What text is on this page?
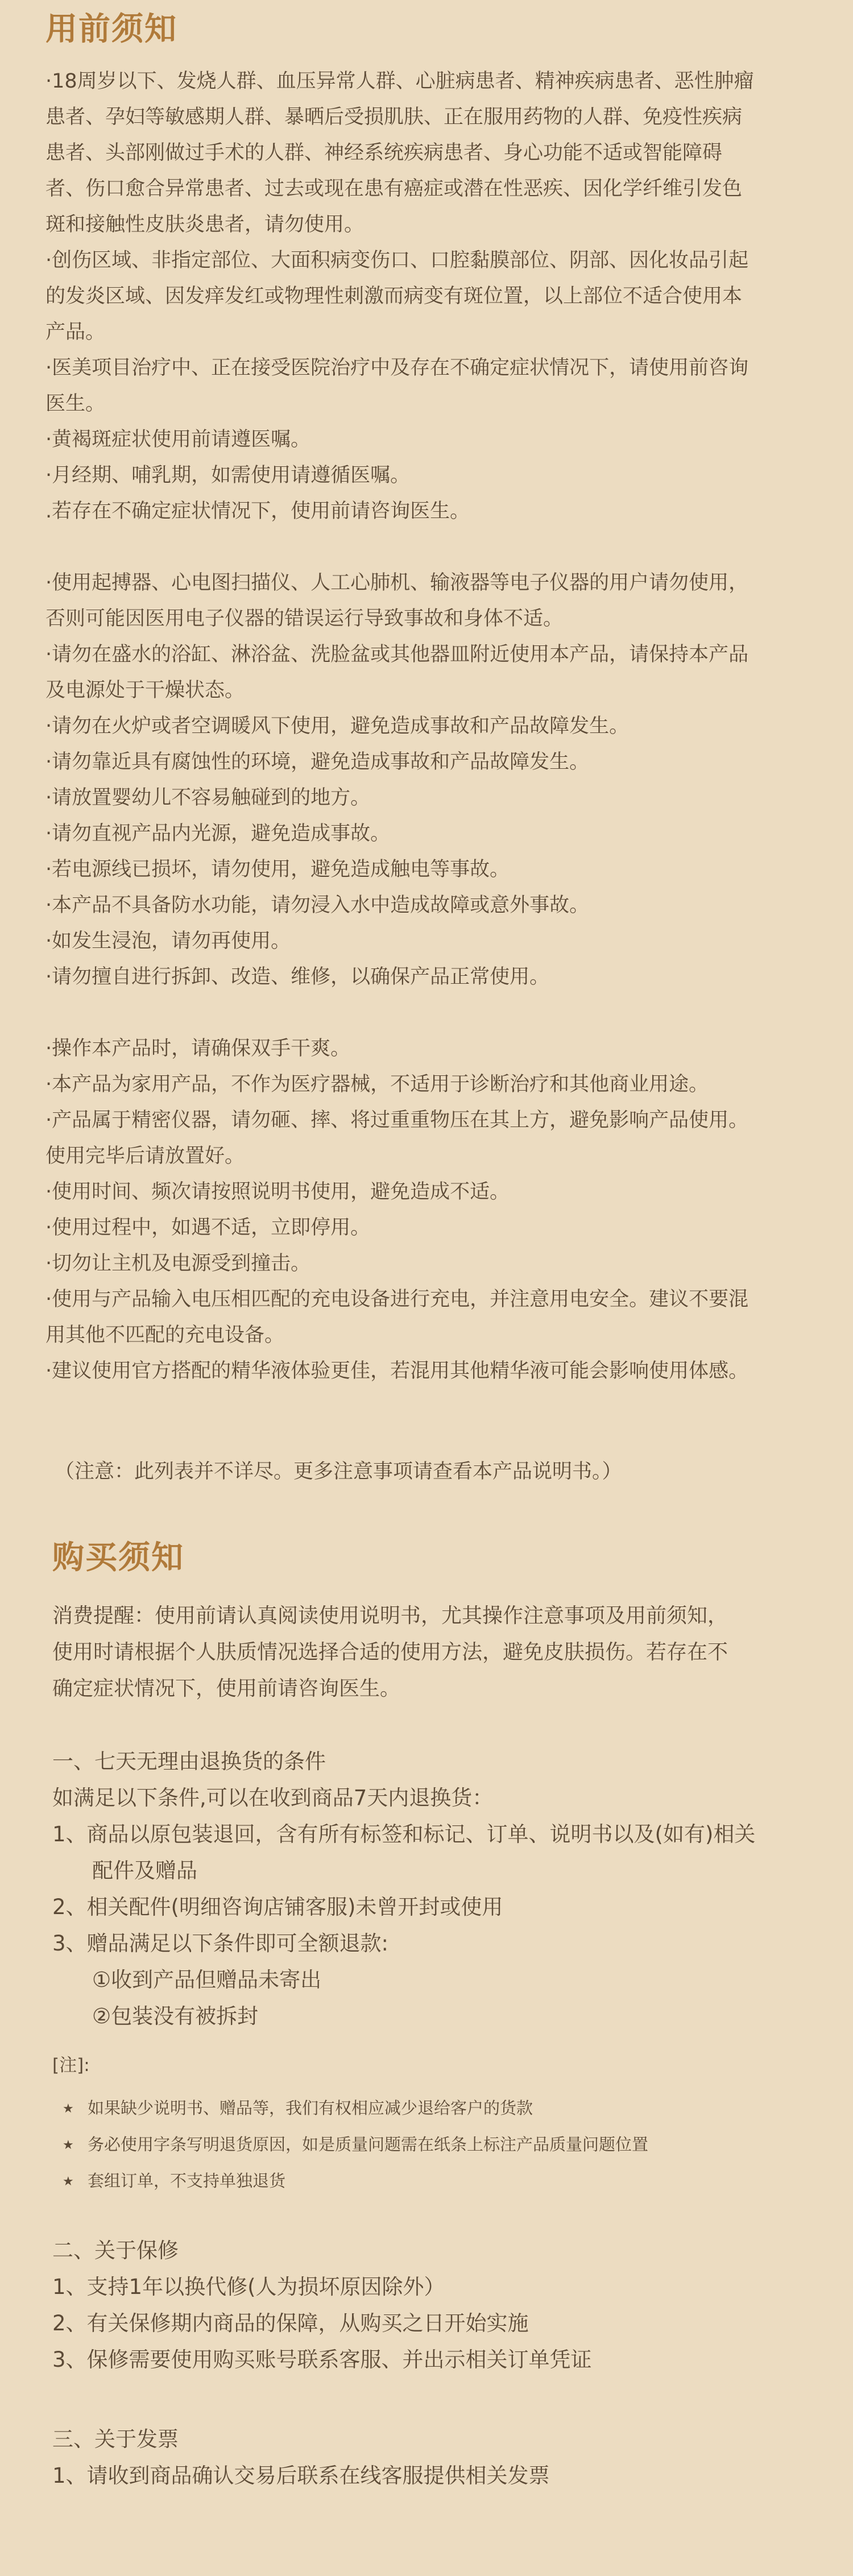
用前须知
·18周岁以下、发烧人群、血压异常人群、心脏病患者、精神疾病患者、恶性肿瘤
患者、孕妇等敏感期人群、暴晒后受损肌肤、正在服用药物的人群、免疫性疾病
患者、头部刚做过手术的人群、神经系统疾病患者、身心功能不适或智能障碍
者、伤口愈合异常患者、过去或现在患有癌症或潜在性恶疾、因化学纤维引发色
斑和接触性皮肤炎患者，请勿使用。
·创伤区域、非指定部位、大面积病变伤口、口腔黏膜部位、阴部、因化妆品引起
的发炎区域、因发痒发红或物理性刺激而病变有斑位置，以上部位不适合使用本
产品。
·医美项目治疗中、正在接受医院治疗中及存在不确定症状情况下，请使用前咨询
医生。
·黄褐斑症状使用前请遵医嘱。
·月经期、哺乳期，如需使用请遵循医嘱。
.若存在不确定症状情况下，使用前请咨询医生。
·使用起搏器、心电图扫描仪、人工心肺机、输液器等电子仪器的用户请勿使用，
否则可能因医用电子仪器的错误运行导致事故和身体不适。
·请勿在盛水的浴缸、淋浴盆、洗脸盆或其他器皿附近使用本产品，请保持本产品
及电源处于干燥状态。
·请勿在火炉或者空调暖风下使用，避免造成事故和产品故障发生。
·请勿靠近具有腐蚀性的环境，避免造成事故和产品故障发生。
·请放置婴幼儿不容易触碰到的地方。
·请勿直视产品内光源，避免造成事故。
·若电源线已损坏，请勿使用，避免造成触电等事故。
·本产品不具备防水功能，请勿浸入水中造成故障或意外事故。
·如发生浸泡，请勿再使用。
·请勿擅自进行拆卸、改造、维修，以确保产品正常使用。
·操作本产品时，请确保双手干爽。
·本产品为家用产品，不作为医疗器械，不适用于诊断治疗和其他商业用途。
·产品属于精密仪器，请勿砸、摔、将过重重物压在其上方，避免影响产品使用。
使用完毕后请放置好。
·使用时间、频次请按照说明书使用，避免造成不适。
·使用过程中，如遇不适，立即停用。
·切勿让主机及电源受到撞击。
·使用与产品输入电压相匹配的充电设备进行充电，并注意用电安全。建议不要混
用其他不匹配的充电设备。
·建议使用官方搭配的精华液体验更佳，若混用其他精华液可能会影响使用体感。
（注意：此列表并不详尽。更多注意事项请查看本产品说明书。）
购买须知
消费提醒：使用前请认真阅读使用说明书，尤其操作注意事项及用前须知，
使用时请根据个人肤质情况选择合适的使用方法，避免皮肤损伤。若存在不
确定症状情况下，使用前请咨询医生。
一、七天无理由退换货的条件
如满足以下条件,可以在收到商品7天内退换货：
1、商品以原包装退回，含有所有标签和标记、订单、说明书以及(如有)相关
配件及赠品
2、相关配件(明细咨询店铺客服)未曾开封或使用
3、赠品满足以下条件即可全额退款:
①收到产品但赠品未寄出
②包装没有被拆封
[注]:
★ 如果缺少说明书、赠品等，我们有权相应减少退给客户的货款
★ 务必使用字条写明退货原因，如是质量问题需在纸条上标注产品质量问题位置
★ 套组订单，不支持单独退货
二、关于保修
1、支持1年以换代修(人为损坏原因除外）
2、有关保修期内商品的保障，从购买之日开始实施
3、保修需要使用购买账号联系客服、并出示相关订单凭证
三、关于发票
1、请收到商品确认交易后联系在线客服提供相关发票
